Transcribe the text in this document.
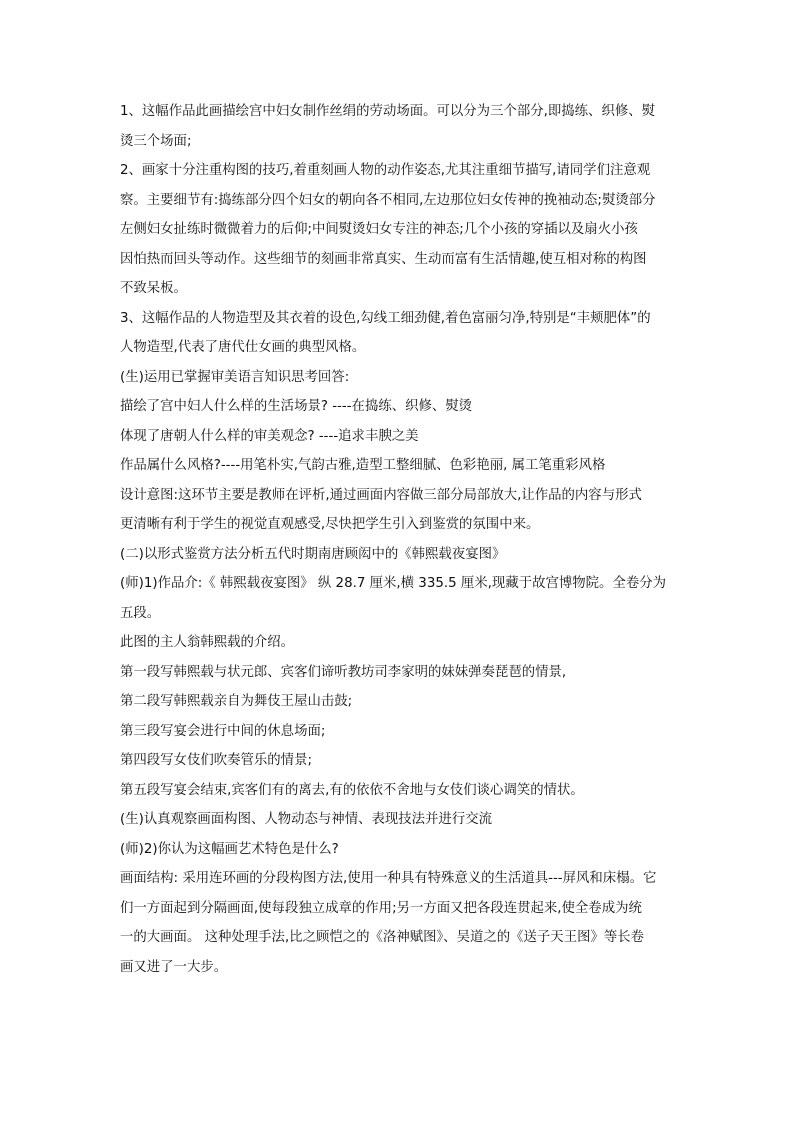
1、这幅作品此画描绘宫中妇女制作丝绢的劳动场面。可以分为三个部分,即捣练、织修、熨
烫三个场面;
2、画家十分注重构图的技巧,着重刻画人物的动作姿态,尤其注重细节描写,请同学们注意观
察。主要细节有:捣练部分四个妇女的朝向各不相同,左边那位妇女传神的挽袖动态;熨烫部分
左侧妇女扯练时微微着力的后仰;中间熨烫妇女专注的神态;几个小孩的穿插以及扇火小孩
因怕热而回头等动作。这些细节的刻画非常真实、生动而富有生活情趣,使互相对称的构图
不致呆板。
3、这幅作品的人物造型及其衣着的设色,勾线工细劲健,着色富丽匀净,特别是“丰颊肥体”的
人物造型,代表了唐代仕女画的典型风格。
(生)运用已掌握审美语言知识思考回答:
描绘了宫中妇人什么样的生活场景? ----在捣练、织修、熨烫
体现了唐朝人什么样的审美观念? ----追求丰腴之美
作品属什么风格?----用笔朴实,气韵古雅,造型工整细腻、色彩艳丽, 属工笔重彩风格
设计意图:这环节主要是教师在评析,通过画面内容做三部分局部放大,让作品的内容与形式
更清晰有利于学生的视觉直观感受,尽快把学生引入到鉴赏的氛围中来。
(二)以形式鉴赏方法分析五代时期南唐顾闳中的《韩熙载夜宴图》
(师)1)作品介:《 韩熙载夜宴图》 纵 28.7 厘米,横 335.5 厘米,现藏于故宫博物院。全卷分为
五段。
此图的主人翁韩熙载的介绍。
第一段写韩熙载与状元郎、宾客们谛听教坊司李家明的妹妹弹奏琵琶的情景,
第二段写韩熙载亲自为舞伎王屋山击鼓;
第三段写宴会进行中间的休息场面;
第四段写女伎们吹奏管乐的情景;
第五段写宴会结束,宾客们有的离去,有的依依不舍地与女伎们谈心调笑的情状。
(生)认真观察画面构图、人物动态与神情、表现技法并进行交流
(师)2)你认为这幅画艺术特色是什么?
画面结构: 采用连环画的分段构图方法,使用一种具有特殊意义的生活道具---屏风和床榻。它
们一方面起到分隔画面,使每段独立成章的作用;另一方面又把各段连贯起来,使全卷成为统
一的大画面。 这种处理手法,比之顾恺之的《洛神赋图》、吴道之的《送子天王图》等长卷
画又进了一大步。
